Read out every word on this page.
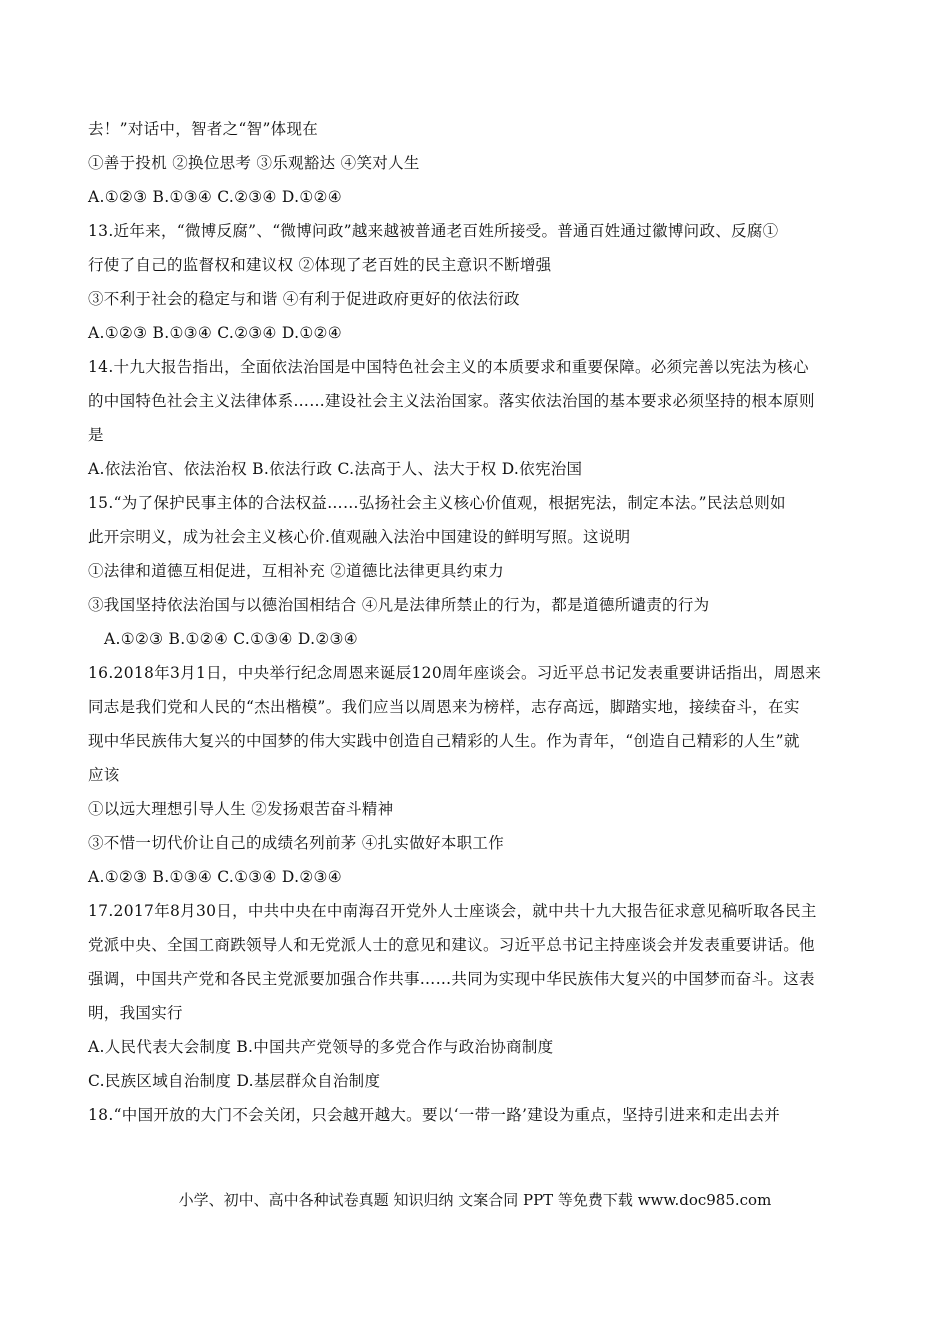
去！”对话中，智者之“智”体现在
①善于投机 ②换位思考 ③乐观豁达 ④笑对人生
A.①②③ B.①③④ C.②③④ D.①②④
13.近年来，“微博反腐”、“微博问政”越来越被普通老百姓所接受。普通百姓通过徽博问政、反腐①
行使了自己的监督权和建议权 ②体现了老百姓的民主意识不断增强
③不利于社会的稳定与和谐 ④有利于促进政府更好的依法衍政
A.①②③ B.①③④ C.②③④ D.①②④
14.十九大报告指出，全面依法治国是中国特色社会主义的本质要求和重要保障。必须完善以宪法为核心
的中国特色社会主义法律体系……建设社会主义法治国家。落实依法治国的基本要求必须坚持的根本原则
是
A.依法治官、依法治权 B.依法行政 C.法高于人、法大于权 D.依宪治国
15.“为了保护民事主体的合法权益……弘扬社会主义核心价值观，根据宪法，制定本法。”民法总则如
此开宗明义，成为社会主义核心价.值观融入法治中国建设的鲜明写照。这说明
①法律和道德互相促进，互相补充 ②道德比法律更具约束力
③我国坚持依法治国与以德治国相结合 ④凡是法律所禁止的行为，都是道德所谴责的行为
A.①②③ B.①②④ C.①③④ D.②③④
16.2018年3月1日，中央举行纪念周恩来诞辰120周年座谈会。习近平总书记发表重要讲话指出，周恩来
同志是我们党和人民的“杰出楷模”。我们应当以周恩来为榜样，志存高远，脚踏实地，接续奋斗，在实
现中华民族伟大复兴的中国梦的伟大实践中创造自己精彩的人生。作为青年，“创造自己精彩的人生”就
应该
①以远大理想引导人生 ②发扬艰苦奋斗精神
③不惜一切代价让自己的成绩名列前茅 ④扎实做好本职工作
A.①②③ B.①③④ C.①③④ D.②③④
17.2017年8月30日，中共中央在中南海召开党外人士座谈会，就中共十九大报告征求意见稿听取各民主
党派中央、全国工商跌领导人和无党派人士的意见和建议。习近平总书记主持座谈会并发表重要讲话。他
强调，中国共产党和各民主党派要加强合作共事……共同为实现中华民族伟大复兴的中国梦而奋斗。这表
明，我国实行
A.人民代表大会制度 B.中国共产党领导的多党合作与政治协商制度
C.民族区域自治制度 D.基层群众自治制度
18.“中国开放的大门不会关闭，只会越开越大。要以‘一带一路’建设为重点，坚持引进来和走出去并
小学、初中、高中各种试卷真题 知识归纳 文案合同 PPT 等免费下载 www.doc985.com
